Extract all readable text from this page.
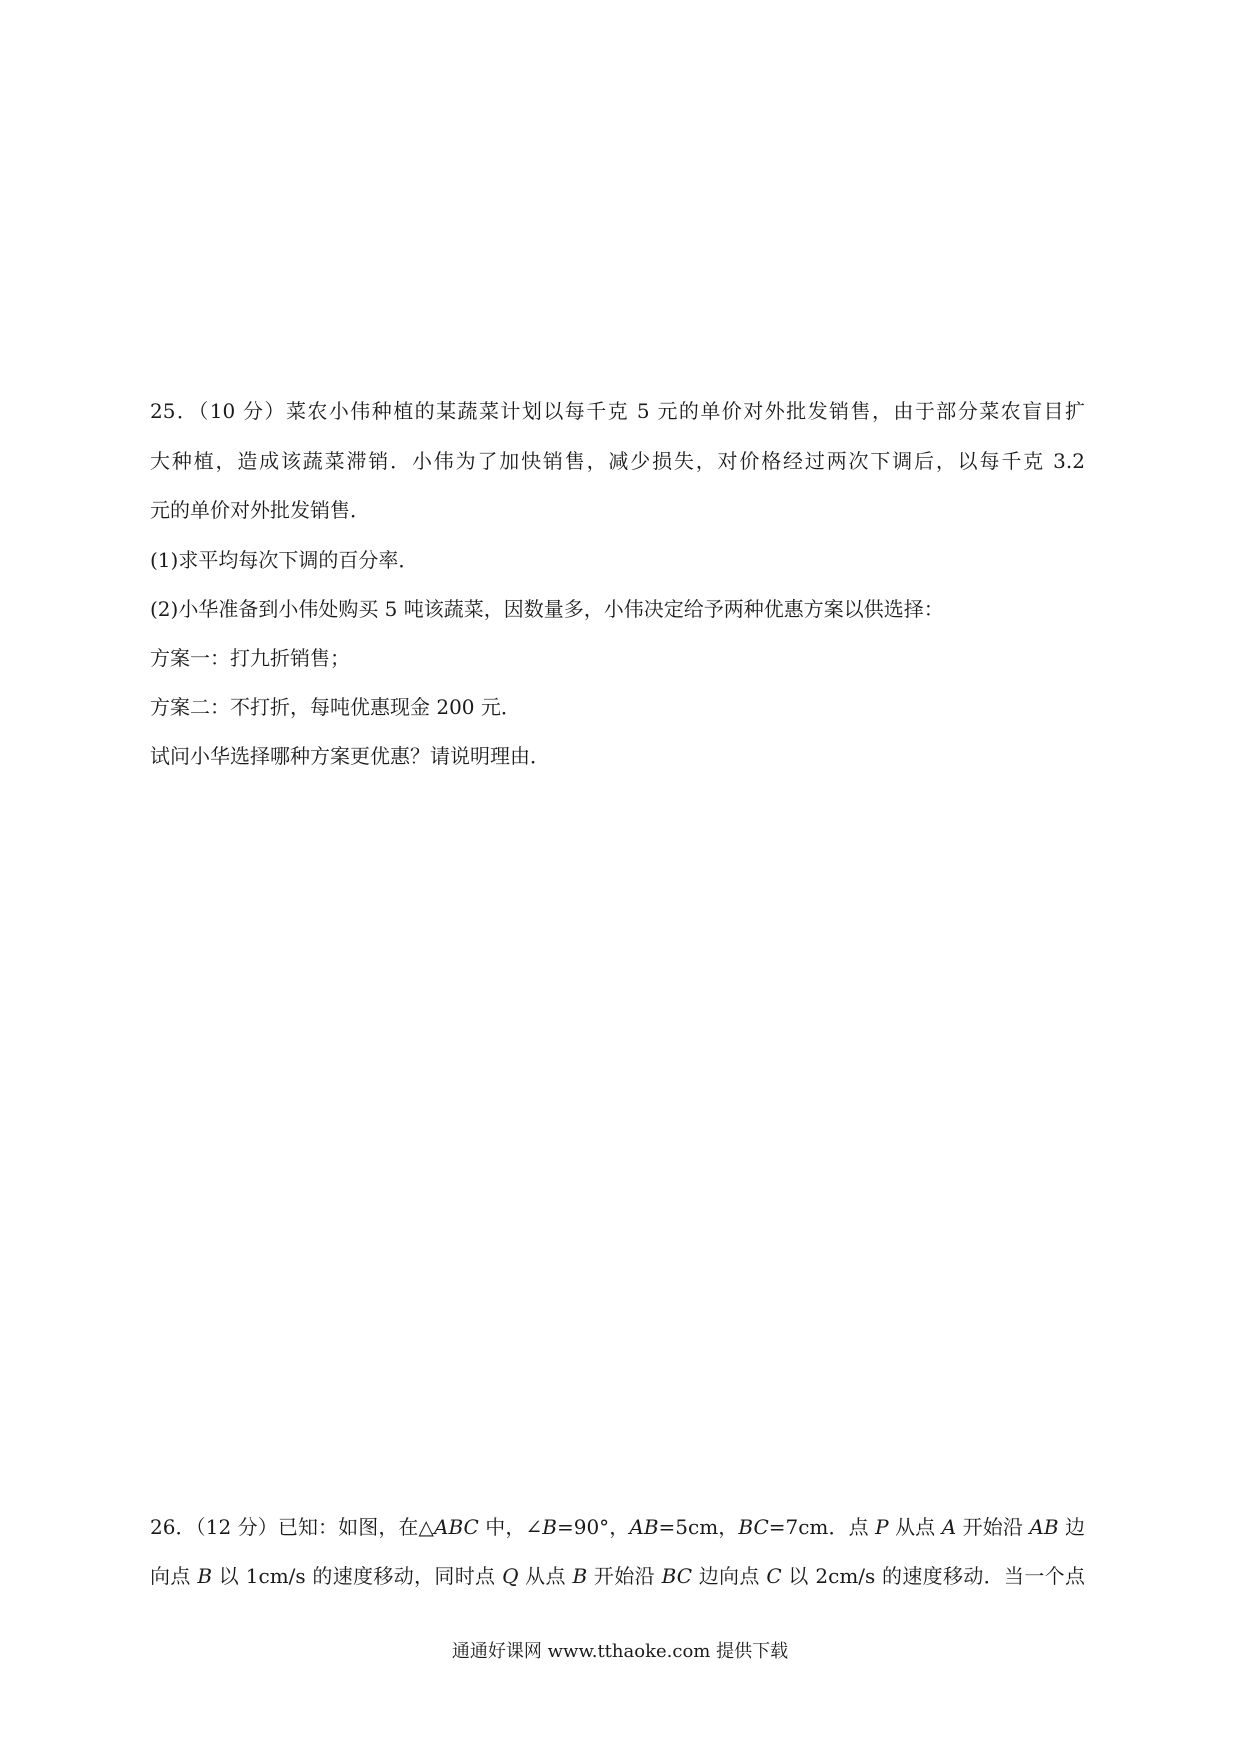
25．（10 分）菜农小伟种植的某蔬菜计划以每千克 5 元的单价对外批发销售，由于部分菜农盲目扩
大种植，造成该蔬菜滞销．小伟为了加快销售，减少损失，对价格经过两次下调后，以每千克 3.2
元的单价对外批发销售．
(1)求平均每次下调的百分率．
(2)小华准备到小伟处购买 5 吨该蔬菜，因数量多，小伟决定给予两种优惠方案以供选择：
方案一：打九折销售；
方案二：不打折，每吨优惠现金 200 元．
试问小华选择哪种方案更优惠？请说明理由．
26．（12 分）已知：如图，在△ABC 中，∠B=90°，AB=5cm，BC=7cm．点 P 从点 A 开始沿 AB 边
向点 B 以 1cm/s 的速度移动，同时点 Q 从点 B 开始沿 BC 边向点 C 以 2cm/s 的速度移动．当一个点
通通好课网 www.tthaoke.com 提供下载
